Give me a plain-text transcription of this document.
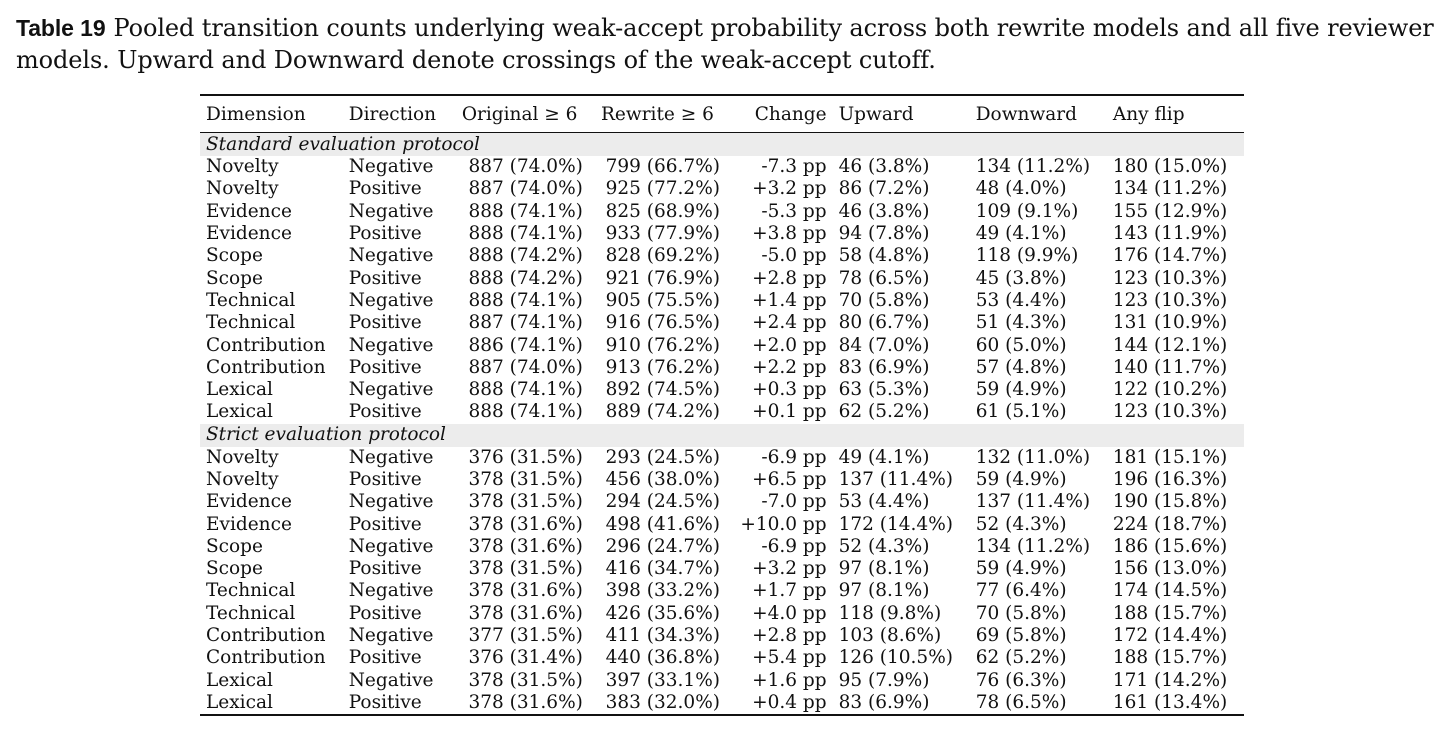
Table 19 Pooled transition counts underlying weak-accept probability across both rewrite models and all five reviewer models. Upward and Downward denote crossings of the weak-accept cutoff.
Dimension	Direction	Original ≥ 6	Rewrite ≥ 6	Change	Upward	Downward	Any flip
Standard evaluation protocol							
Novelty	Negative	887 (74.0%)	799 (66.7%)	-7.3 pp	46 (3.8%)	134 (11.2%)	180 (15.0%)
Novelty	Positive	887 (74.0%)	925 (77.2%)	+3.2 pp	86 (7.2%)	48 (4.0%)	134 (11.2%)
Evidence	Negative	888 (74.1%)	825 (68.9%)	-5.3 pp	46 (3.8%)	109 (9.1%)	155 (12.9%)
Evidence	Positive	888 (74.1%)	933 (77.9%)	+3.8 pp	94 (7.8%)	49 (4.1%)	143 (11.9%)
Scope	Negative	888 (74.2%)	828 (69.2%)	-5.0 pp	58 (4.8%)	118 (9.9%)	176 (14.7%)
Scope	Positive	888 (74.2%)	921 (76.9%)	+2.8 pp	78 (6.5%)	45 (3.8%)	123 (10.3%)
Technical	Negative	888 (74.1%)	905 (75.5%)	+1.4 pp	70 (5.8%)	53 (4.4%)	123 (10.3%)
Technical	Positive	887 (74.1%)	916 (76.5%)	+2.4 pp	80 (6.7%)	51 (4.3%)	131 (10.9%)
Contribution	Negative	886 (74.1%)	910 (76.2%)	+2.0 pp	84 (7.0%)	60 (5.0%)	144 (12.1%)
Contribution	Positive	887 (74.0%)	913 (76.2%)	+2.2 pp	83 (6.9%)	57 (4.8%)	140 (11.7%)
Lexical	Negative	888 (74.1%)	892 (74.5%)	+0.3 pp	63 (5.3%)	59 (4.9%)	122 (10.2%)
Lexical	Positive	888 (74.1%)	889 (74.2%)	+0.1 pp	62 (5.2%)	61 (5.1%)	123 (10.3%)
Strict evaluation protocol							
Novelty	Negative	376 (31.5%)	293 (24.5%)	-6.9 pp	49 (4.1%)	132 (11.0%)	181 (15.1%)
Novelty	Positive	378 (31.5%)	456 (38.0%)	+6.5 pp	137 (11.4%)	59 (4.9%)	196 (16.3%)
Evidence	Negative	378 (31.5%)	294 (24.5%)	-7.0 pp	53 (4.4%)	137 (11.4%)	190 (15.8%)
Evidence	Positive	378 (31.6%)	498 (41.6%)	+10.0 pp	172 (14.4%)	52 (4.3%)	224 (18.7%)
Scope	Negative	378 (31.6%)	296 (24.7%)	-6.9 pp	52 (4.3%)	134 (11.2%)	186 (15.6%)
Scope	Positive	378 (31.5%)	416 (34.7%)	+3.2 pp	97 (8.1%)	59 (4.9%)	156 (13.0%)
Technical	Negative	378 (31.6%)	398 (33.2%)	+1.7 pp	97 (8.1%)	77 (6.4%)	174 (14.5%)
Technical	Positive	378 (31.6%)	426 (35.6%)	+4.0 pp	118 (9.8%)	70 (5.8%)	188 (15.7%)
Contribution	Negative	377 (31.5%)	411 (34.3%)	+2.8 pp	103 (8.6%)	69 (5.8%)	172 (14.4%)
Contribution	Positive	376 (31.4%)	440 (36.8%)	+5.4 pp	126 (10.5%)	62 (5.2%)	188 (15.7%)
Lexical	Negative	378 (31.5%)	397 (33.1%)	+1.6 pp	95 (7.9%)	76 (6.3%)	171 (14.2%)
Lexical	Positive	378 (31.6%)	383 (32.0%)	+0.4 pp	83 (6.9%)	78 (6.5%)	161 (13.4%)
